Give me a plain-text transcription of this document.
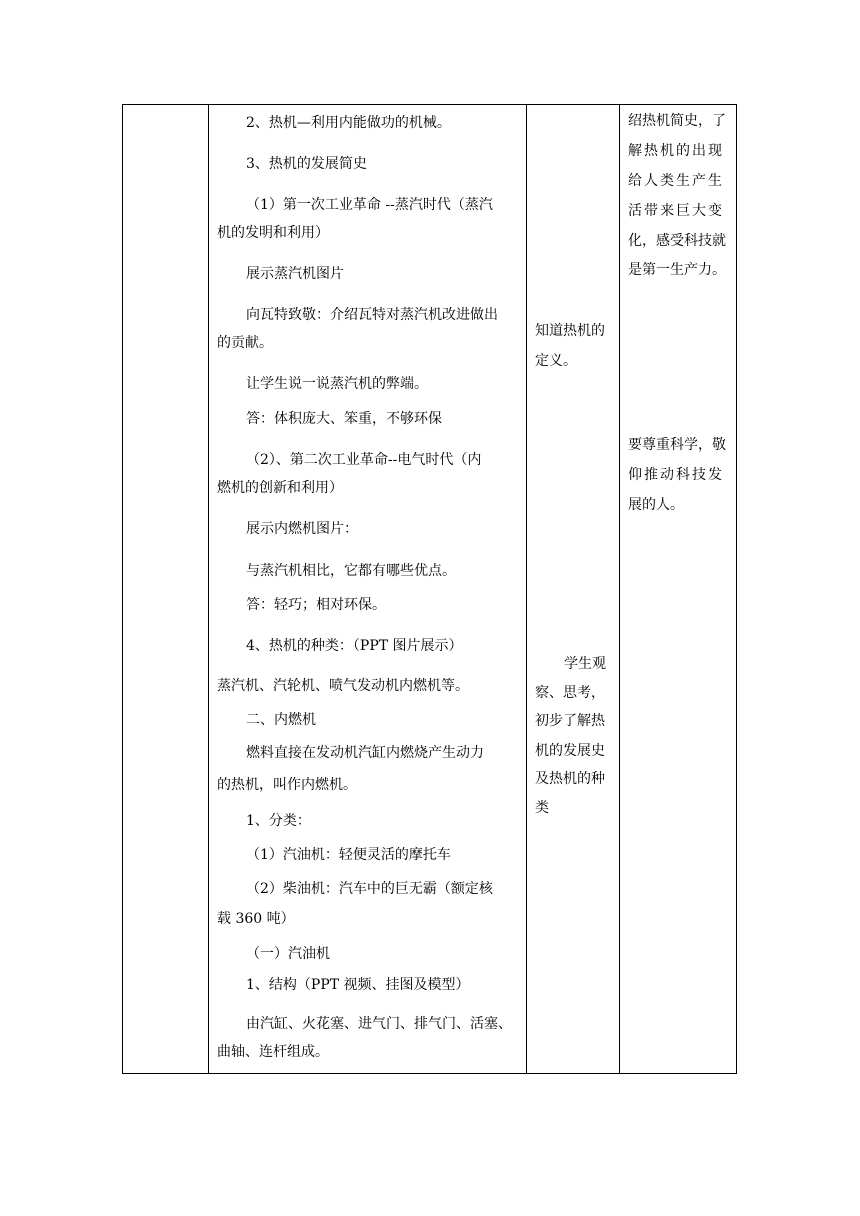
2、热机—利用内能做功的机械。
3、热机的发展简史
（1）第一次工业革命 --蒸汽时代（蒸汽
机的发明和利用）
展示蒸汽机图片
向瓦特致敬：介绍瓦特对蒸汽机改进做出
的贡献。
让学生说一说蒸汽机的弊端。
答：体积庞大、笨重，不够环保
（2）、第二次工业革命--电气时代（内
燃机的创新和利用）
展示内燃机图片：
与蒸汽机相比，它都有哪些优点。
答：轻巧；相对环保。
4、热机的种类：（PPT 图片展示）
蒸汽机、汽轮机、喷气发动机内燃机等。
二、内燃机
燃料直接在发动机汽缸内燃烧产生动力
的热机，叫作内燃机。
1、分类：
（1）汽油机：轻便灵活的摩托车
（2）柴油机：汽车中的巨无霸（额定核
载 360 吨）
（一）汽油机
1、结构（PPT 视频、挂图及模型）
由汽缸、火花塞、进气门、排气门、活塞、
曲轴、连杆组成。
知道热机的
定义。
学生观
察、思考，
初步了解热
机的发展史
及热机的种
类
绍热机简史，了
解热机的出现
给人类生产生
活带来巨大变
化，感受科技就
是第一生产力。
要尊重科学，敬
仰推动科技发
展的人。
